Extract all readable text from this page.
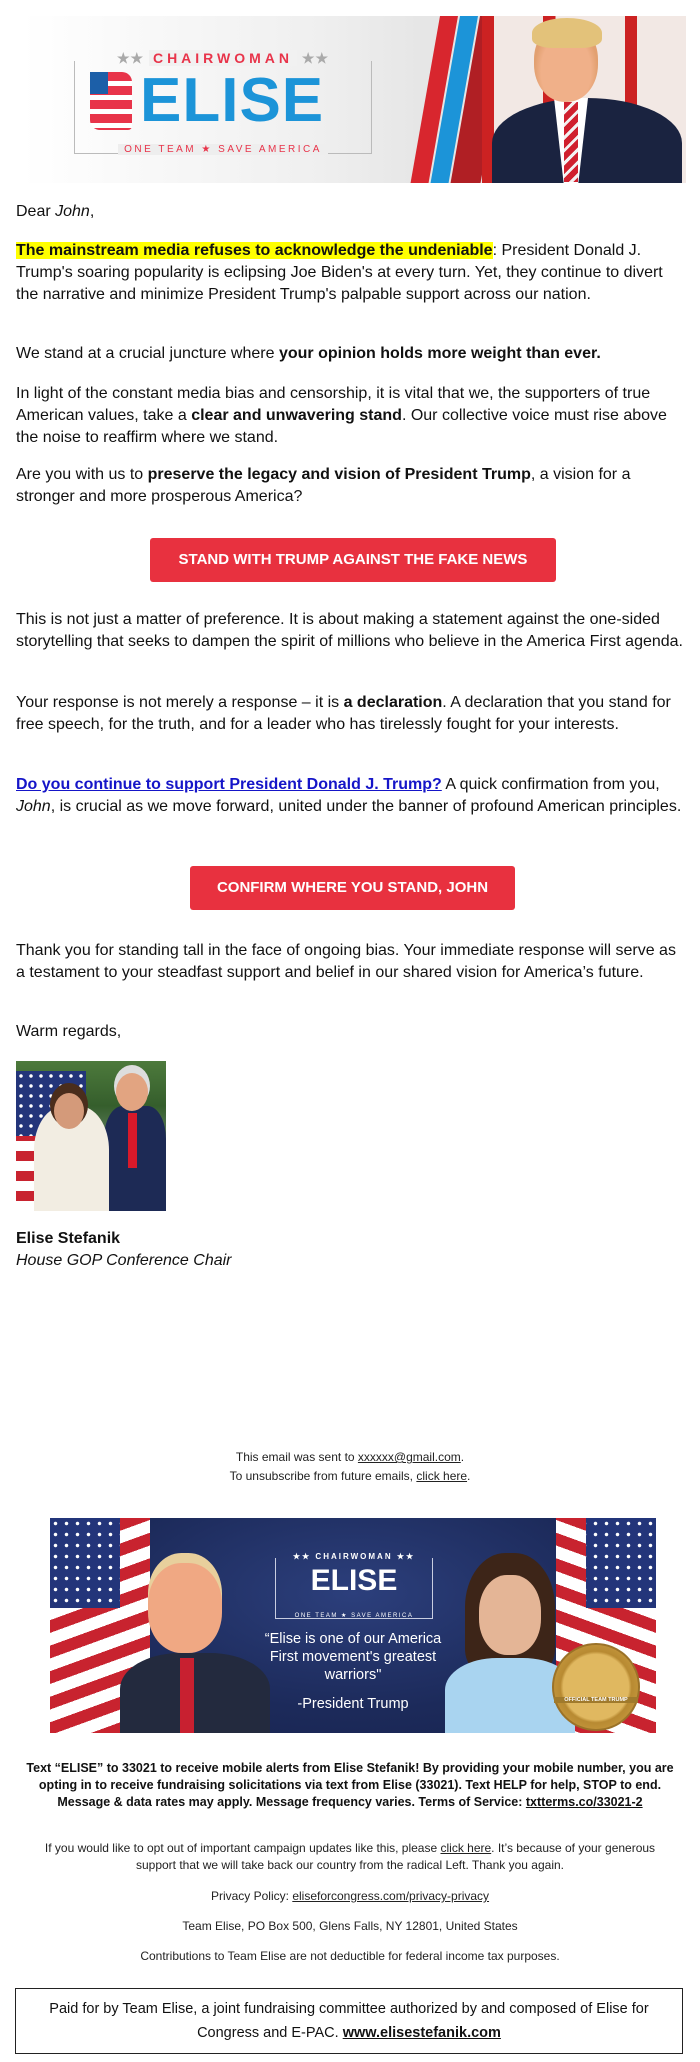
★★ CHAIRWOMAN ★★
ELISE
ONE TEAM ★ SAVE AMERICA

Dear John,

The mainstream media refuses to acknowledge the undeniable: President Donald J. Trump's soaring popularity is eclipsing Joe Biden's at every turn. Yet, they continue to divert the narrative and minimize President Trump's palpable support across our nation.

We stand at a crucial juncture where your opinion holds more weight than ever.

In light of the constant media bias and censorship, it is vital that we, the supporters of true American values, take a clear and unwavering stand. Our collective voice must rise above the noise to reaffirm where we stand.

Are you with us to preserve the legacy and vision of President Trump, a vision for a stronger and more prosperous America?

STAND WITH TRUMP AGAINST THE FAKE NEWS

This is not just a matter of preference. It is about making a statement against the one-sided storytelling that seeks to dampen the spirit of millions who believe in the America First agenda.

Your response is not merely a response – it is a declaration. A declaration that you stand for free speech, for the truth, and for a leader who has tirelessly fought for your interests.

Do you continue to support President Donald J. Trump? A quick confirmation from you, John, is crucial as we move forward, united under the banner of profound American principles.

CONFIRM WHERE YOU STAND, JOHN

Thank you for standing tall in the face of ongoing bias. Your immediate response will serve as a testament to your steadfast support and belief in our shared vision for America’s future.

Warm regards,

Elise Stefanik
House GOP Conference Chair
This email was sent to xxxxxx@gmail.com.
To unsubscribe from future emails, click here.
★★ CHAIRWOMAN ★★
ELISE
ONE TEAM ★ SAVE AMERICA
“Elise is one of our America First movement's greatest warriors"
-President Trump	OFFICIAL TEAM TRUMP
Text “ELISE” to 33021 to receive mobile alerts from Elise Stefanik! By providing your mobile number, you are opting in to receive fundraising solicitations via text from Elise (33021). Text HELP for help, STOP to end. Message & data rates may apply. Message frequency varies. Terms of Service: txtterms.co/33021-2
If you would like to opt out of important campaign updates like this, please click here. It’s because of your generous support that we will take back our country from the radical Left. Thank you again.
Privacy Policy: eliseforcongress.com/privacy-privacy
Team Elise, PO Box 500, Glens Falls, NY 12801, United States
Contributions to Team Elise are not deductible for federal income tax purposes.
Paid for by Team Elise, a joint fundraising committee authorized by and composed of Elise for Congress and E-PAC. www.elisestefanik.com
